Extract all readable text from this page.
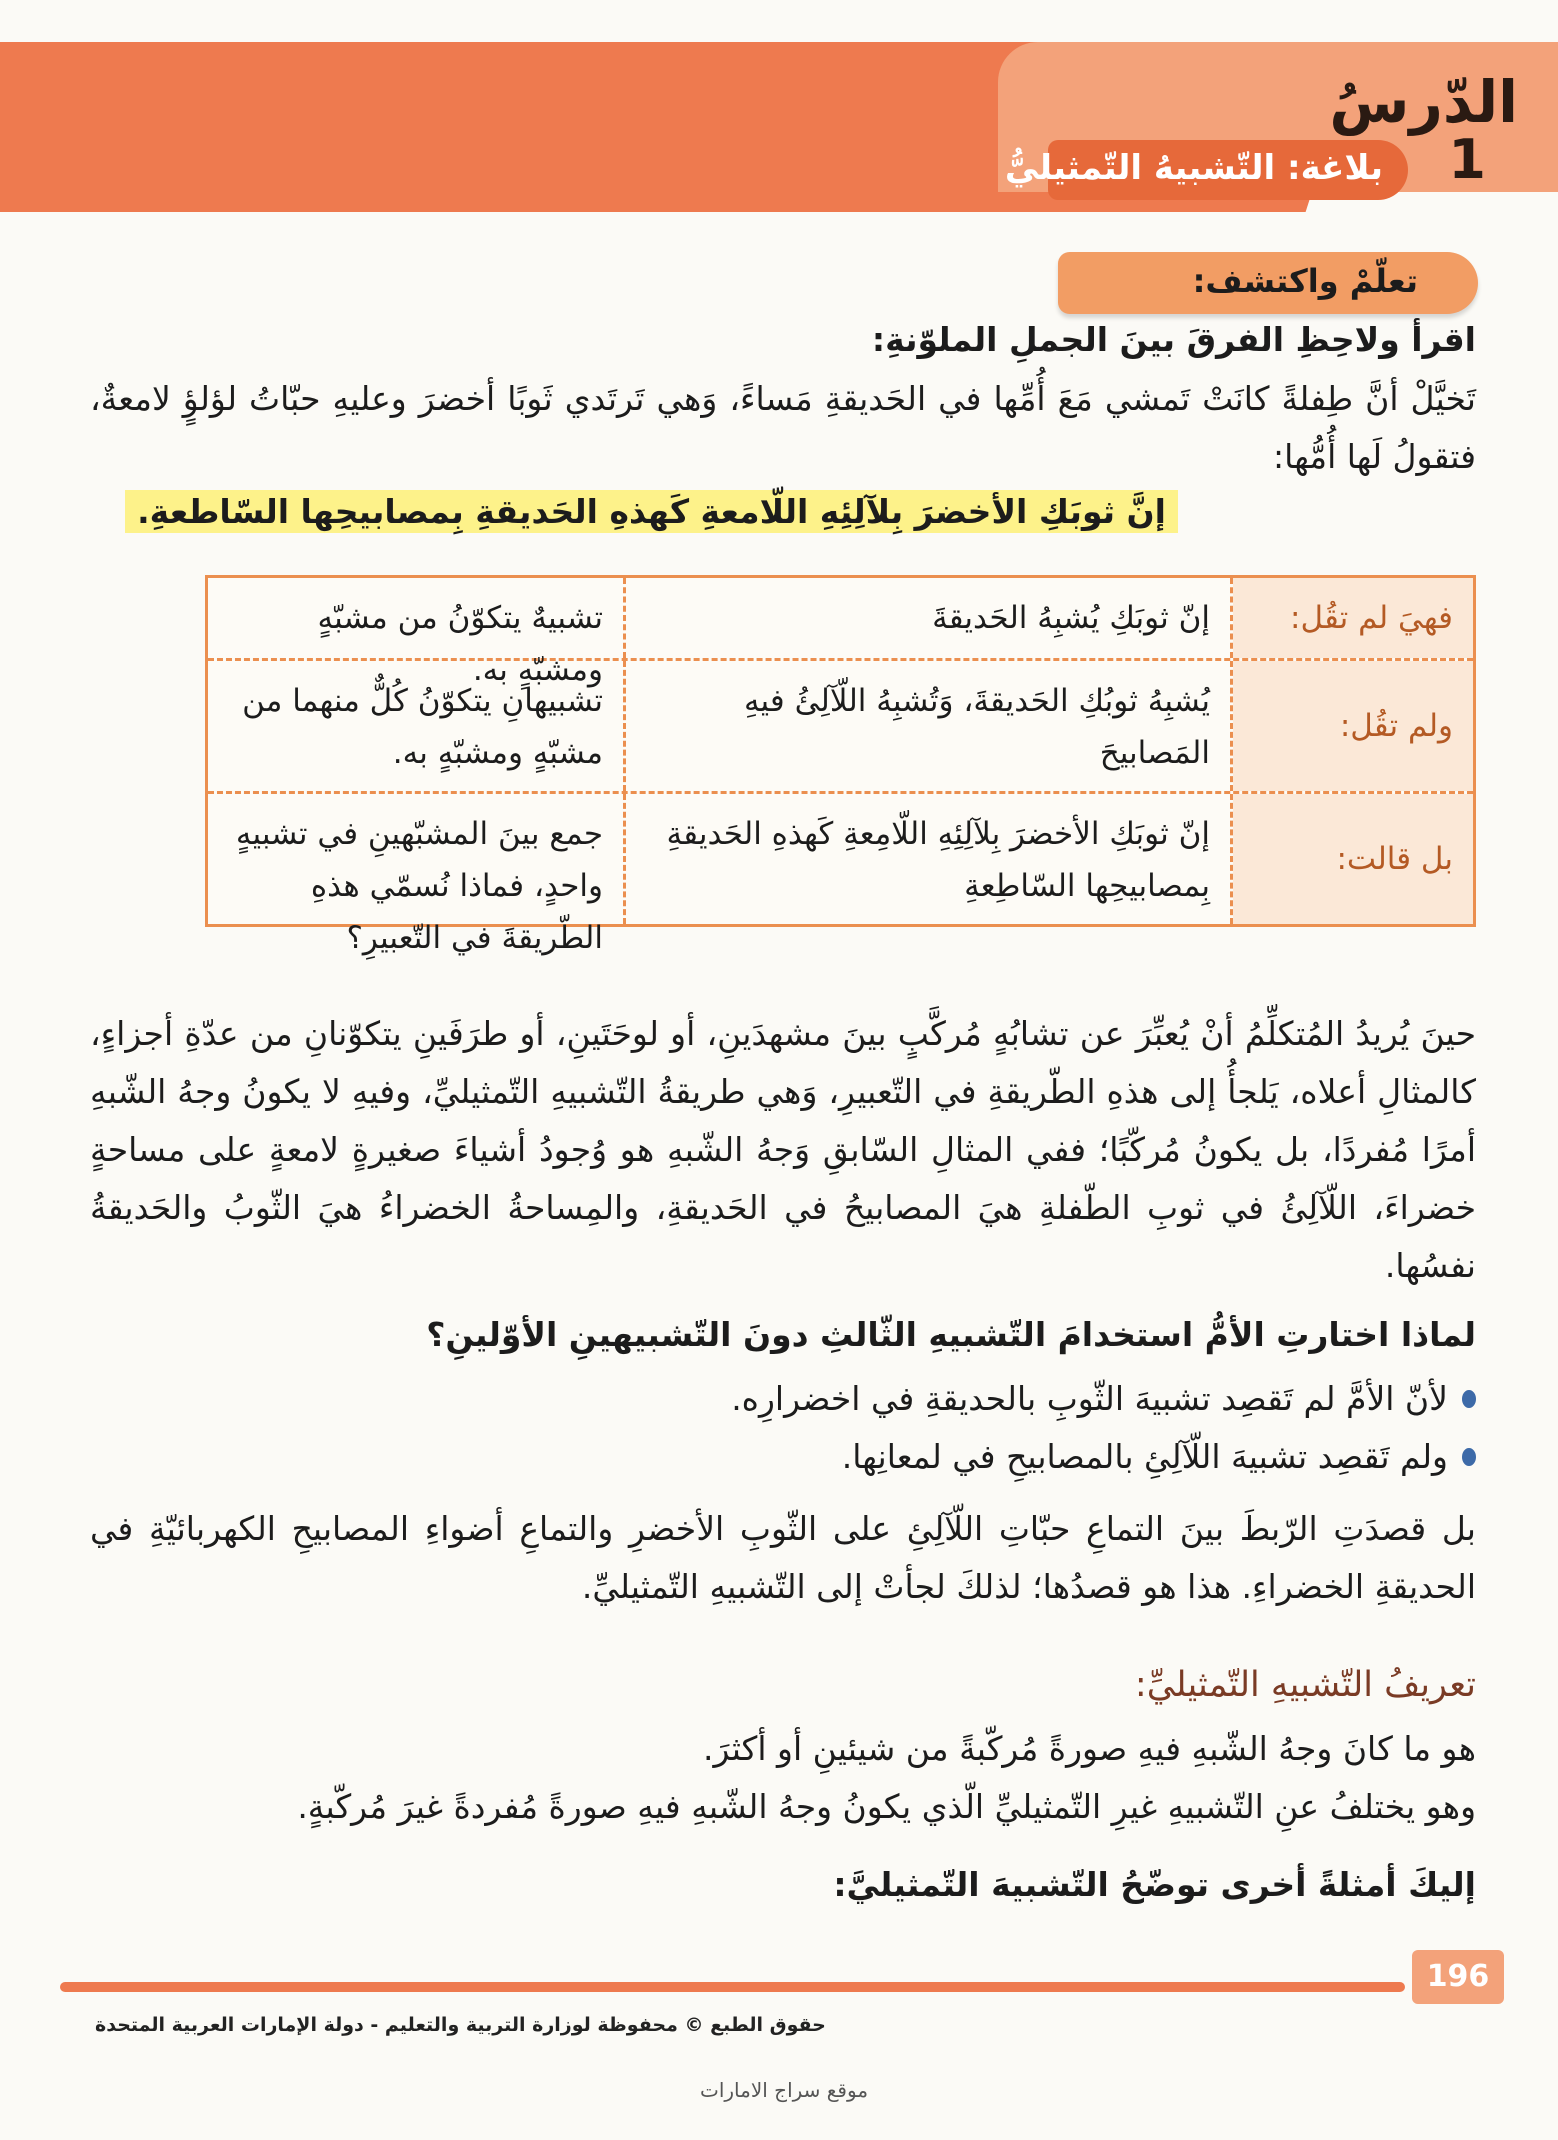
الدّرسُ
1
بلاغة: التّشبيهُ التّمثيليُّ
تعلّمْ واكتشف:
اقرأ ولاحِظِ الفرقَ بينَ الجملِ الملوّنةِ:
تَخيَّلْ أنَّ طِفلةً كانَتْ تَمشي مَعَ أُمِّها في الحَديقةِ مَساءً، وَهي تَرتَدي ثَوبًا أخضرَ وعليهِ حبّاتُ لؤلؤٍ لامعةٌ، فتقولُ لَها أُمُّها:
إنَّ ثوبَكِ الأخضرَ بِلآلِئِهِ اللّامعةِ كَهذهِ الحَديقةِ بِمصابيحِها السّاطعةِ.
فهيَ لم تقُل:
إنّ ثوبَكِ يُشبِهُ الحَديقةَ
تشبيهٌ يتكوّنُ من مشبّهٍ ومشبّهٍ به.
ولم تقُل:
يُشبِهُ ثوبُكِ الحَديقةَ، وَتُشبِهُ اللّآلِئُ فيهِ المَصابيحَ
تشبيهانِ يتكوّنُ كُلٌّ منهما من مشبّهٍ ومشبّهٍ به.
بل قالت:
إنّ ثوبَكِ الأخضرَ بِلآلِئِهِ اللّامِعةِ كَهذهِ الحَديقةِ بِمصابيحِها السّاطِعةِ
جمع بينَ المشبّهينِ في تشبيهٍ واحدٍ، فماذا نُسمّي هذهِ الطّريقةَ في التّعبيرِ؟
حينَ يُريدُ المُتكلِّمُ أنْ يُعبِّرَ عن تشابُهٍ مُركَّبٍ بينَ مشهدَينِ، أو لوحَتَينِ، أو طرَفَينِ يتكوّنانِ من عدّةِ أجزاءٍ، كالمثالِ أعلاه، يَلجأُ إلى هذهِ الطّريقةِ في التّعبيرِ، وَهي طريقةُ التّشبيهِ التّمثيليِّ، وفيهِ لا يكونُ وجهُ الشّبهِ أمرًا مُفردًا، بل يكونُ مُركّبًا؛ ففي المثالِ السّابقِ وَجهُ الشّبهِ هو وُجودُ أشياءَ صغيرةٍ لامعةٍ على مساحةٍ خضراءَ، اللّآلِئُ في ثوبِ الطّفلةِ هيَ المصابيحُ في الحَديقةِ، والمِساحةُ الخضراءُ هيَ الثّوبُ والحَديقةُ نفسُها.
لماذا اختارتِ الأمُّ استخدامَ التّشبيهِ الثّالثِ دونَ التّشبيهينِ الأوّلينِ؟
لأنّ الأمَّ لم تَقصِد تشبيهَ الثّوبِ بالحديقةِ في اخضرارِه.
ولم تَقصِد تشبيهَ اللّآلِئِ بالمصابيحِ في لمعانِها.
بل قصدَتِ الرّبطَ بينَ التماعِ حبّاتِ اللّآلِئِ على الثّوبِ الأخضرِ والتماعِ أضواءِ المصابيحِ الكهربائيّةِ في الحديقةِ الخضراءِ. هذا هو قصدُها؛ لذلكَ لجأتْ إلى التّشبيهِ التّمثيليِّ.
تعريفُ التّشبيهِ التّمثيليِّ:
هو ما كانَ وجهُ الشّبهِ فيهِ صورةً مُركّبةً من شيئينِ أو أكثرَ.
وهو يختلفُ عنِ التّشبيهِ غيرِ التّمثيليِّ الّذي يكونُ وجهُ الشّبهِ فيهِ صورةً مُفردةً غيرَ مُركّبةٍ.
إليكَ أمثلةً أخرى توضّحُ التّشبيهَ التّمثيليَّ:
196
حقوق الطبع © محفوظة لوزارة التربية والتعليم - دولة الإمارات العربية المتحدة
موقع سراج الامارات
